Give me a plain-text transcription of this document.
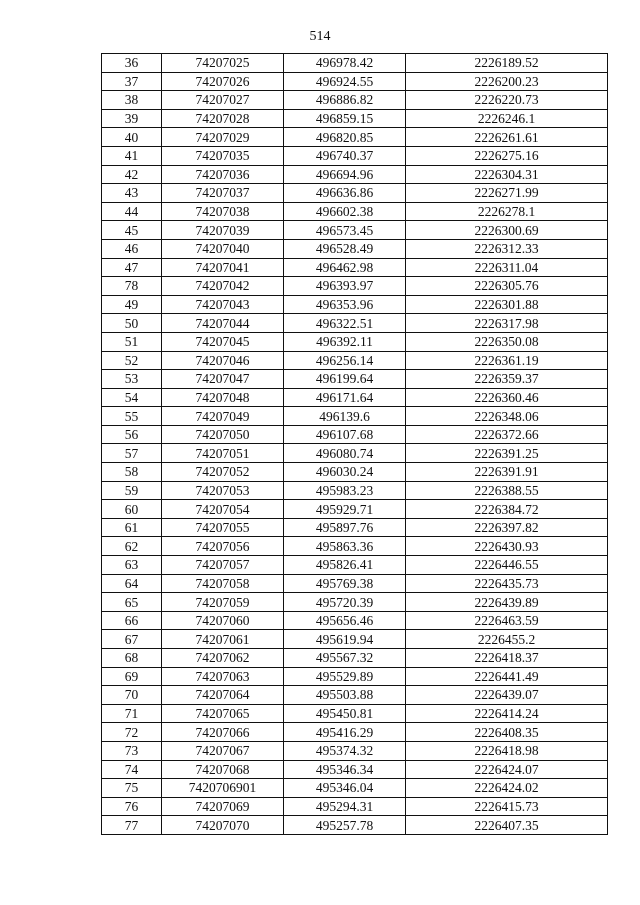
514
36	74207025	496978.42	2226189.52
37	74207026	496924.55	2226200.23
38	74207027	496886.82	2226220.73
39	74207028	496859.15	2226246.1
40	74207029	496820.85	2226261.61
41	74207035	496740.37	2226275.16
42	74207036	496694.96	2226304.31
43	74207037	496636.86	2226271.99
44	74207038	496602.38	2226278.1
45	74207039	496573.45	2226300.69
46	74207040	496528.49	2226312.33
47	74207041	496462.98	2226311.04
78	74207042	496393.97	2226305.76
49	74207043	496353.96	2226301.88
50	74207044	496322.51	2226317.98
51	74207045	496392.11	2226350.08
52	74207046	496256.14	2226361.19
53	74207047	496199.64	2226359.37
54	74207048	496171.64	2226360.46
55	74207049	496139.6	2226348.06
56	74207050	496107.68	2226372.66
57	74207051	496080.74	2226391.25
58	74207052	496030.24	2226391.91
59	74207053	495983.23	2226388.55
60	74207054	495929.71	2226384.72
61	74207055	495897.76	2226397.82
62	74207056	495863.36	2226430.93
63	74207057	495826.41	2226446.55
64	74207058	495769.38	2226435.73
65	74207059	495720.39	2226439.89
66	74207060	495656.46	2226463.59
67	74207061	495619.94	2226455.2
68	74207062	495567.32	2226418.37
69	74207063	495529.89	2226441.49
70	74207064	495503.88	2226439.07
71	74207065	495450.81	2226414.24
72	74207066	495416.29	2226408.35
73	74207067	495374.32	2226418.98
74	74207068	495346.34	2226424.07
75	7420706901	495346.04	2226424.02
76	74207069	495294.31	2226415.73
77	74207070	495257.78	2226407.35
